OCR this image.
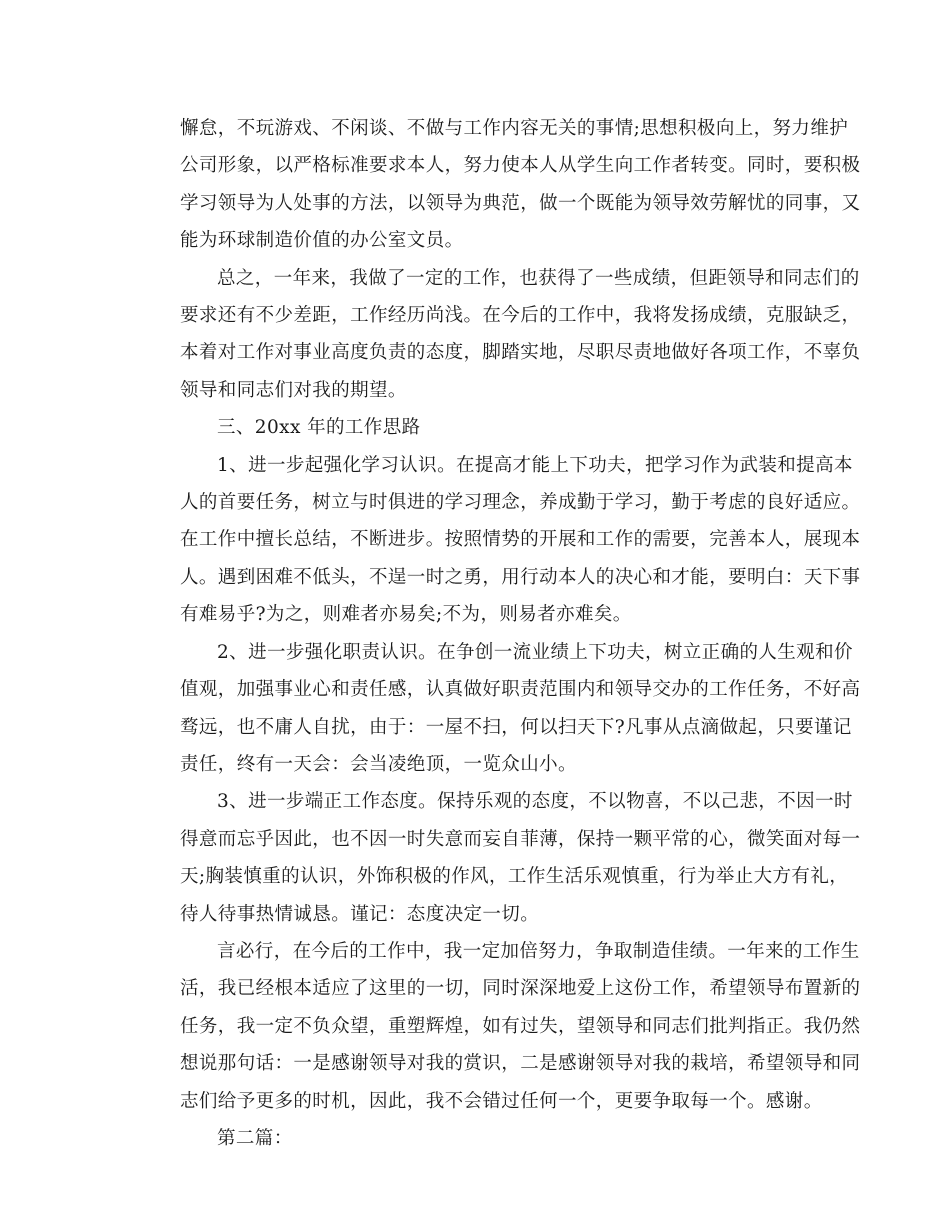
懈怠，不玩游戏、不闲谈、不做与工作内容无关的事情;思想积极向上，努力维护
公司形象，以严格标准要求本人，努力使本人从学生向工作者转变。同时，要积极
学习领导为人处事的方法，以领导为典范，做一个既能为领导效劳解忧的同事，又
能为环球制造价值的办公室文员。

总之，一年来，我做了一定的工作，也获得了一些成绩，但距领导和同志们的
要求还有不少差距，工作经历尚浅。在今后的工作中，我将发扬成绩，克服缺乏，
本着对工作对事业高度负责的态度，脚踏实地，尽职尽责地做好各项工作，不辜负
领导和同志们对我的期望。

三、20xx 年的工作思路

1、进一步起强化学习认识。在提高才能上下功夫，把学习作为武装和提高本
人的首要任务，树立与时俱进的学习理念，养成勤于学习，勤于考虑的良好适应。
在工作中擅长总结，不断进步。按照情势的开展和工作的需要，完善本人，展现本
人。遇到困难不低头，不逞一时之勇，用行动本人的决心和才能，要明白：天下事
有难易乎?为之，则难者亦易矣;不为，则易者亦难矣。

2、进一步强化职责认识。在争创一流业绩上下功夫，树立正确的人生观和价
值观，加强事业心和责任感，认真做好职责范围内和领导交办的工作任务，不好高
骛远，也不庸人自扰，由于：一屋不扫，何以扫天下?凡事从点滴做起，只要谨记
责任，终有一天会：会当凌绝顶，一览众山小。

3、进一步端正工作态度。保持乐观的态度，不以物喜，不以己悲，不因一时
得意而忘乎因此，也不因一时失意而妄自菲薄，保持一颗平常的心，微笑面对每一
天;胸装慎重的认识，外饰积极的作风，工作生活乐观慎重，行为举止大方有礼，
待人待事热情诚恳。谨记：态度决定一切。

言必行，在今后的工作中，我一定加倍努力，争取制造佳绩。一年来的工作生
活，我已经根本适应了这里的一切，同时深深地爱上这份工作，希望领导布置新的
任务，我一定不负众望，重塑辉煌，如有过失，望领导和同志们批判指正。我仍然
想说那句话：一是感谢领导对我的赏识，二是感谢领导对我的栽培，希望领导和同
志们给予更多的时机，因此，我不会错过任何一个，更要争取每一个。感谢。

第二篇：
